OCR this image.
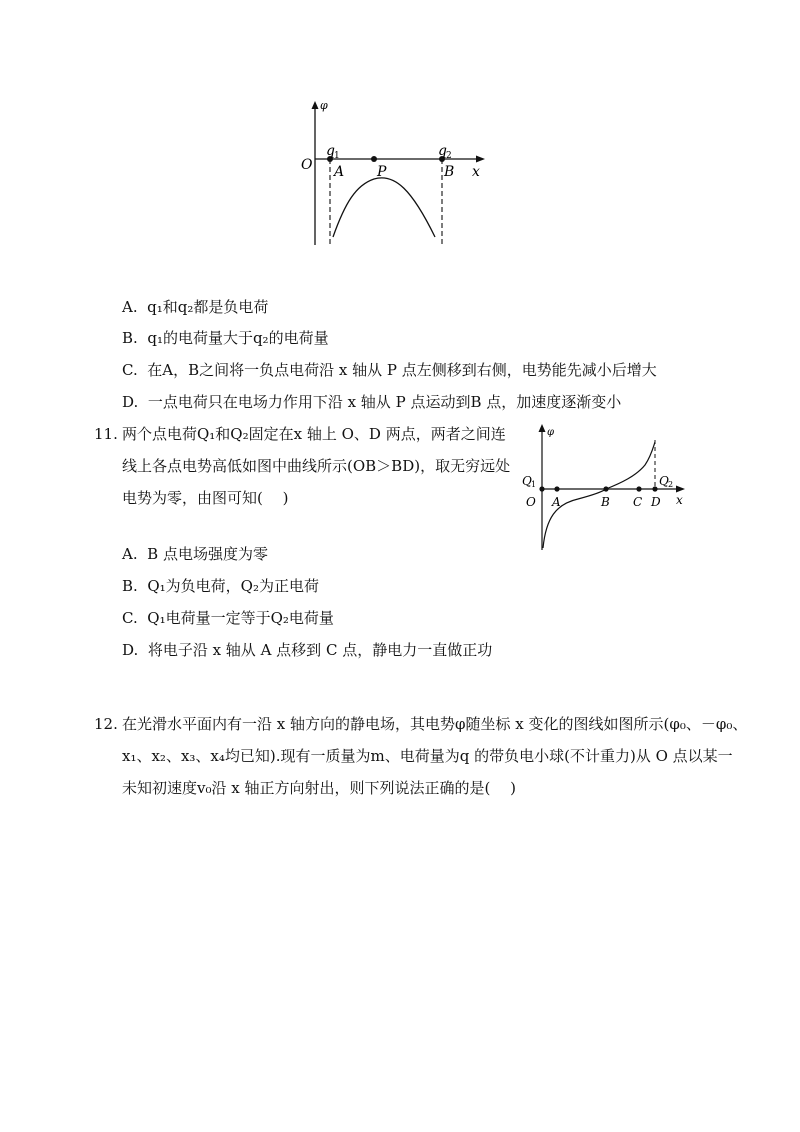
φ
O	x
q 1	q 2
A P	B
A. q₁和q₂都是负电荷
B. q₁的电荷量大于q₂的电荷量
C. 在A，B之间将一负点电荷沿 x 轴从 P 点左侧移到右侧，电势能先减小后增大
D. 一点电荷只在电场力作用下沿 x 轴从 P 点运动到B 点，加速度逐渐变小
11. 两个点电荷Q₁和Q₂固定在x 轴上 O、D 两点，两者之间连
线上各点电势高低如图中曲线所示(OB＞BD)，取无穷远处
电势为零，由图可知(　 )
φ
Q 1	Q 2
O A	B C D x
A. B 点电场强度为零
B. Q₁为负电荷，Q₂为正电荷
C. Q₁电荷量一定等于Q₂电荷量
D. 将电子沿 x 轴从 A 点移到 C 点，静电力一直做正功
12. 在光滑水平面内有一沿 x 轴方向的静电场，其电势φ随坐标 x 变化的图线如图所示(φ₀、－φ₀、
x₁、x₂、x₃、x₄均已知).现有一质量为m、电荷量为q 的带负电小球(不计重力)从 O 点以某一
未知初速度v₀沿 x 轴正方向射出，则下列说法正确的是(　 )
